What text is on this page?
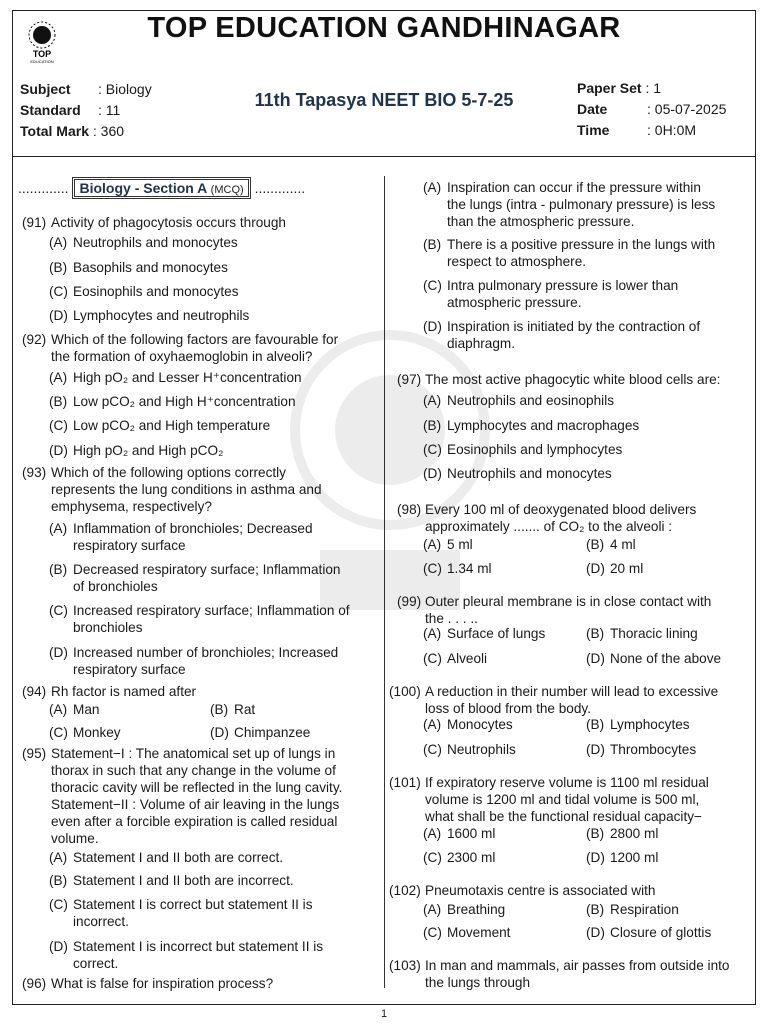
TOP
EDUCATION
TOP EDUCATION GANDHINAGAR
Subject : Biology
Standard : 11
Total Mark : 360
11th Tapasya NEET BIO 5-7-25
Paper Set : 1
Date	: 05-07-2025
Time	: 0H:0M
............. Biology - Section A (MCQ) .............
(91) Activity of phagocytosis occurs through
(A) Neutrophils and monocytes
(B) Basophils and monocytes
(C) Eosinophils and monocytes
(D) Lymphocytes and neutrophils
(92) Which of the following factors are favourable for
the formation of oxyhaemoglobin in alveoli?
(A) High pO₂ and Lesser H⁺concentration
(B) Low pCO₂ and High H⁺concentration
(C) Low pCO₂ and High temperature
(D) High pO₂ and High pCO₂
(93) Which of the following options correctly
represents the lung conditions in asthma and
emphysema, respectively?
(A) Inflammation of bronchioles; Decreased
respiratory surface
(B) Decreased respiratory surface; Inflammation
of bronchioles
(C) Increased respiratory surface; Inflammation of
bronchioles
(D) Increased number of bronchioles; Increased
respiratory surface
(94) Rh factor is named after
(A) Man	(B) Rat
(C) Monkey	(D) Chimpanzee
(95) Statement−I : The anatomical set up of lungs in
thorax in such that any change in the volume of
thoracic cavity will be reflected in the lung cavity.
Statement−II : Volume of air leaving in the lungs
even after a forcible expiration is called residual
volume.
(A) Statement I and II both are correct.
(B) Statement I and II both are incorrect.
(C) Statement I is correct but statement II is
incorrect.
(D) Statement I is incorrect but statement II is
correct.
(96) What is false for inspiration process?
(A) Inspiration can occur if the pressure within
the lungs (intra - pulmonary pressure) is less
than the atmospheric pressure.
(B) There is a positive pressure in the lungs with
respect to atmosphere.
(C) Intra pulmonary pressure is lower than
atmospheric pressure.
(D) Inspiration is initiated by the contraction of
diaphragm.
(97) The most active phagocytic white blood cells are:
(A) Neutrophils and eosinophils
(B) Lymphocytes and macrophages
(C) Eosinophils and lymphocytes
(D) Neutrophils and monocytes
(98) Every 100 ml of deoxygenated blood delivers
approximately ....... of CO₂ to the alveoli :
(A) 5 ml	(B) 4 ml
(C) 1.34 ml	(D) 20 ml
(99) Outer pleural membrane is in close contact with
the . . . ..
(A) Surface of lungs	(B) Thoracic lining
(C) Alveoli	(D) None of the above
(100) A reduction in their number will lead to excessive
loss of blood from the body.
(A) Monocytes	(B) Lymphocytes
(C) Neutrophils	(D) Thrombocytes
(101) If expiratory reserve volume is 1100 ml residual
volume is 1200 ml and tidal volume is 500 ml,
what shall be the functional residual capacity−
(A) 1600 ml	(B) 2800 ml
(C) 2300 ml	(D) 1200 ml
(102) Pneumotaxis centre is associated with
(A) Breathing	(B) Respiration
(C) Movement	(D) Closure of glottis
(103) In man and mammals, air passes from outside into
the lungs through
1
